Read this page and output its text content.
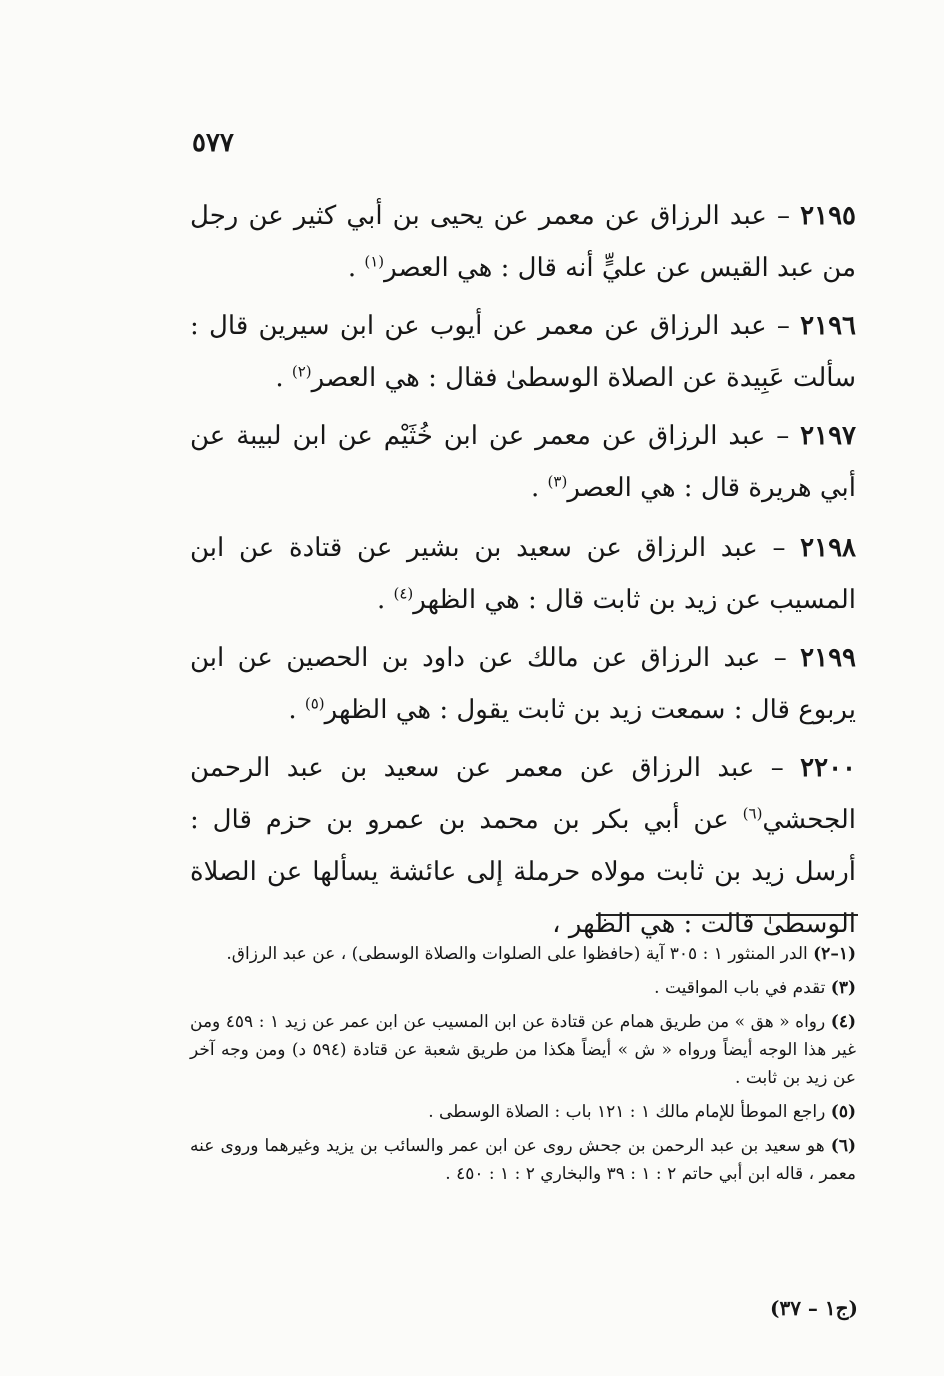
٥٧٧
٢١٩٥ – عبد الرزاق عن معمر عن يحيى بن أبي كثير عن رجل من عبد القيس عن عليٍّ أنه قال : هي العصر$^{(١)}$ .
٢١٩٦ – عبد الرزاق عن معمر عن أيوب عن ابن سيرين قال : سألت عَبِيدة عن الصلاة الوسطىٰ فقال : هي العصر$^{(٢)}$ .
٢١٩٧ – عبد الرزاق عن معمر عن ابن خُثَيْم عن ابن لبيبة عن أبي هريرة قال : هي العصر$^{(٣)}$ .
٢١٩٨ – عبد الرزاق عن سعيد بن بشير عن قتادة عن ابن المسيب عن زيد بن ثابت قال : هي الظهر$^{(٤)}$ .
٢١٩٩ – عبد الرزاق عن مالك عن داود بن الحصين عن ابن يربوع قال : سمعت زيد بن ثابت يقول : هي الظهر$^{(٥)}$ .
٢٢٠٠ – عبد الرزاق عن معمر عن سعيد بن عبد الرحمن الجحشي$^{(٦)}$ عن أبي بكر بن محمد بن عمرو بن حزم قال : أرسل زيد بن ثابت مولاه حرملة إلى عائشة يسألها عن الصلاة الوسطىٰ قالت : هي الظهر ،
(١–٢) الدر المنثور ١ : ٣٠٥ آية (حافظوا على الصلوات والصلاة الوسطى) ، عن عبد الرزاق.
(٣) تقدم في باب المواقيت .
(٤) رواه « هق » من طريق همام عن قتادة عن ابن المسيب عن ابن عمر عن زيد ١ : ٤٥٩ ومن غير هذا الوجه أيضاً ورواه « ش » أيضاً هكذا من طريق شعبة عن قتادة (٥٩٤ د) ومن وجه آخر عن زيد بن ثابت .
(٥) راجع الموطأ للإمام مالك ١ : ١٢١ باب : الصلاة الوسطى .
(٦) هو سعيد بن عبد الرحمن بن جحش روى عن ابن عمر والسائب بن يزيد وغيرهما وروى عنه معمر ، قاله ابن أبي حاتم ٢ : ١ : ٣٩ والبخاري ٢ : ١ : ٤٥٠ .
(ج١ – ٣٧)
